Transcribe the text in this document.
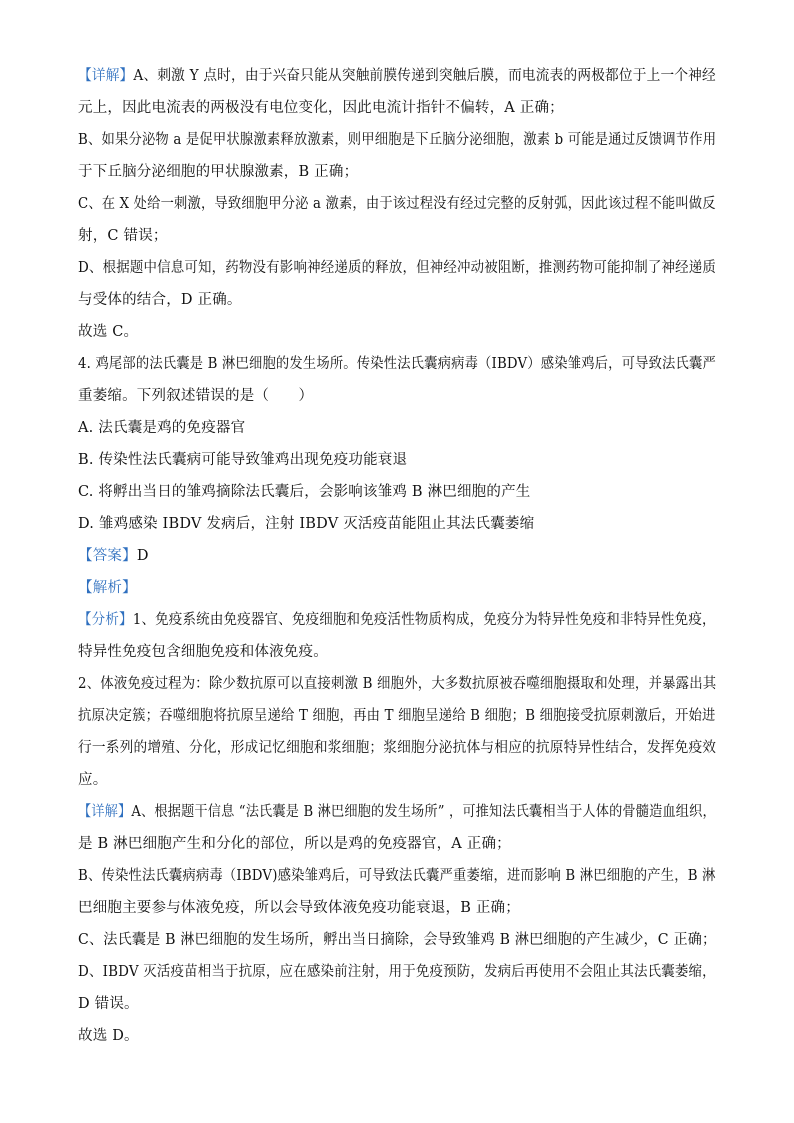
【详解】A、刺激 Y 点时，由于兴奋只能从突触前膜传递到突触后膜，而电流表的两极都位于上一个神经
元上，因此电流表的两极没有电位变化，因此电流计指针不偏转，A 正确；
B、如果分泌物 a 是促甲状腺激素释放激素，则甲细胞是下丘脑分泌细胞，激素 b 可能是通过反馈调节作用
于下丘脑分泌细胞的甲状腺激素，B 正确；
C、在 X 处给一刺激，导致细胞甲分泌 a 激素，由于该过程没有经过完整的反射弧，因此该过程不能叫做反
射，C 错误；
D、根据题中信息可知，药物没有影响神经递质的释放，但神经冲动被阻断，推测药物可能抑制了神经递质
与受体的结合，D 正确。
故选 C。
4. 鸡尾部的法氏囊是 B 淋巴细胞的发生场所。传染性法氏囊病病毒（IBDV）感染雏鸡后，可导致法氏囊严
重萎缩。下列叙述错误的是（　　）
A. 法氏囊是鸡的免疫器官
B. 传染性法氏囊病可能导致雏鸡出现免疫功能衰退
C. 将孵出当日的雏鸡摘除法氏囊后，会影响该雏鸡 B 淋巴细胞的产生
D. 雏鸡感染 IBDV 发病后，注射 IBDV 灭活疫苗能阻止其法氏囊萎缩
【答案】D
【解析】
【分析】1、免疫系统由免疫器官、免疫细胞和免疫活性物质构成，免疫分为特异性免疫和非特异性免疫，
特异性免疫包含细胞免疫和体液免疫。
2、体液免疫过程为：除少数抗原可以直接刺激 B 细胞外，大多数抗原被吞噬细胞摄取和处理，并暴露出其
抗原决定簇；吞噬细胞将抗原呈递给 T 细胞，再由 T 细胞呈递给 B 细胞；B 细胞接受抗原刺激后，开始进
行一系列的增殖、分化，形成记忆细胞和浆细胞；浆细胞分泌抗体与相应的抗原特异性结合，发挥免疫效
应。
【详解】A、根据题干信息 “法氏囊是 B 淋巴细胞的发生场所” ，可推知法氏囊相当于人体的骨髓造血组织，
是 B 淋巴细胞产生和分化的部位，所以是鸡的免疫器官，A 正确；
B、传染性法氏囊病病毒（IBDV)感染雏鸡后，可导致法氏囊严重萎缩，进而影响 B 淋巴细胞的产生，B 淋
巴细胞主要参与体液免疫，所以会导致体液免疫功能衰退，B 正确；
C、法氏囊是 B 淋巴细胞的发生场所，孵出当日摘除，会导致雏鸡 B 淋巴细胞的产生减少，C 正确；
D、IBDV 灭活疫苗相当于抗原，应在感染前注射，用于免疫预防，发病后再使用不会阻止其法氏囊萎缩，
D 错误。
故选 D。
